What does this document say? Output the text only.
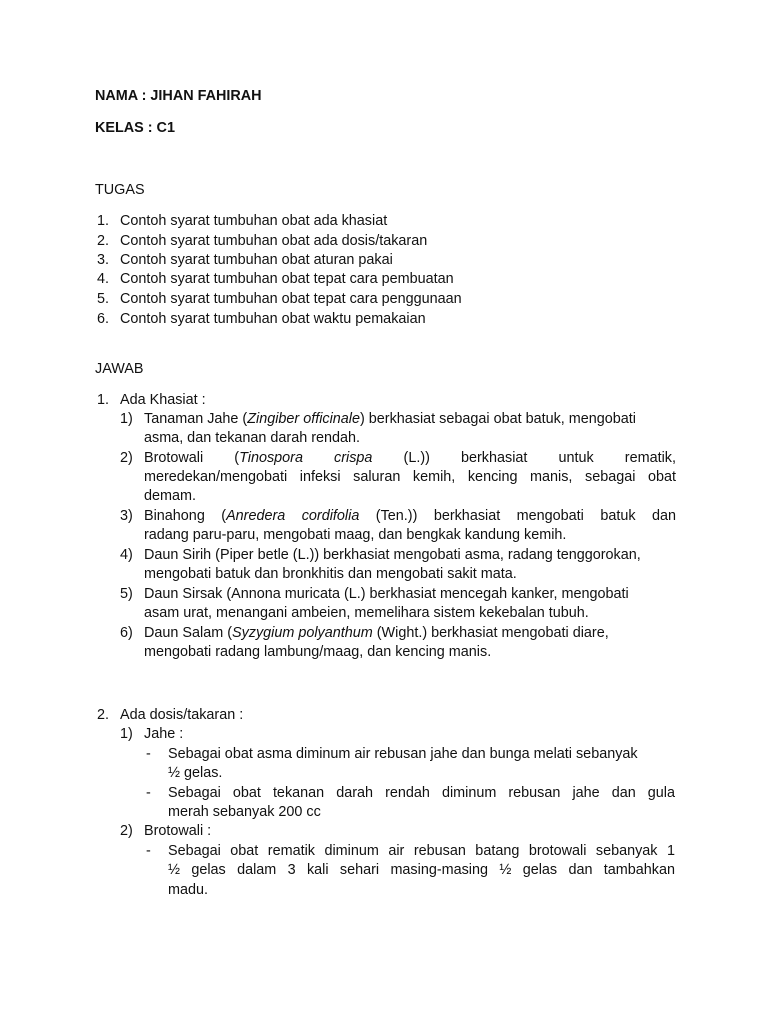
NAMA : JIHAN FAHIRAH
KELAS : C1
TUGAS
1. Contoh syarat tumbuhan obat ada khasiat
2. Contoh syarat tumbuhan obat ada dosis/takaran
3. Contoh syarat tumbuhan obat aturan pakai
4. Contoh syarat tumbuhan obat tepat cara pembuatan
5. Contoh syarat tumbuhan obat tepat cara penggunaan
6. Contoh syarat tumbuhan obat waktu pemakaian
JAWAB
1. Ada Khasiat :
1) Tanaman Jahe (Zingiber officinale) berkhasiat sebagai obat batuk, mengobati
asma, dan tekanan darah rendah.
2) Brotowali (Tinospora crispa (L.)) berkhasiat untuk rematik,
meredekan/mengobati infeksi saluran kemih, kencing manis, sebagai obat
demam.
3) Binahong (Anredera cordifolia (Ten.)) berkhasiat mengobati batuk dan
radang paru-paru, mengobati maag, dan bengkak kandung kemih.
4) Daun Sirih (Piper betle (L.)) berkhasiat mengobati asma, radang tenggorokan,
mengobati batuk dan bronkhitis dan mengobati sakit mata.
5) Daun Sirsak (Annona muricata (L.) berkhasiat mencegah kanker, mengobati
asam urat, menangani ambeien, memelihara sistem kekebalan tubuh.
6) Daun Salam (Syzygium polyanthum (Wight.) berkhasiat mengobati diare,
mengobati radang lambung/maag, dan kencing manis.
2. Ada dosis/takaran :
1) Jahe :
- Sebagai obat asma diminum air rebusan jahe dan bunga melati sebanyak
½ gelas.
- Sebagai obat tekanan darah rendah diminum rebusan jahe dan gula
merah sebanyak 200 cc
2) Brotowali :
- Sebagai obat rematik diminum air rebusan batang brotowali sebanyak 1
½ gelas dalam 3 kali sehari masing-masing ½ gelas dan tambahkan
madu.
